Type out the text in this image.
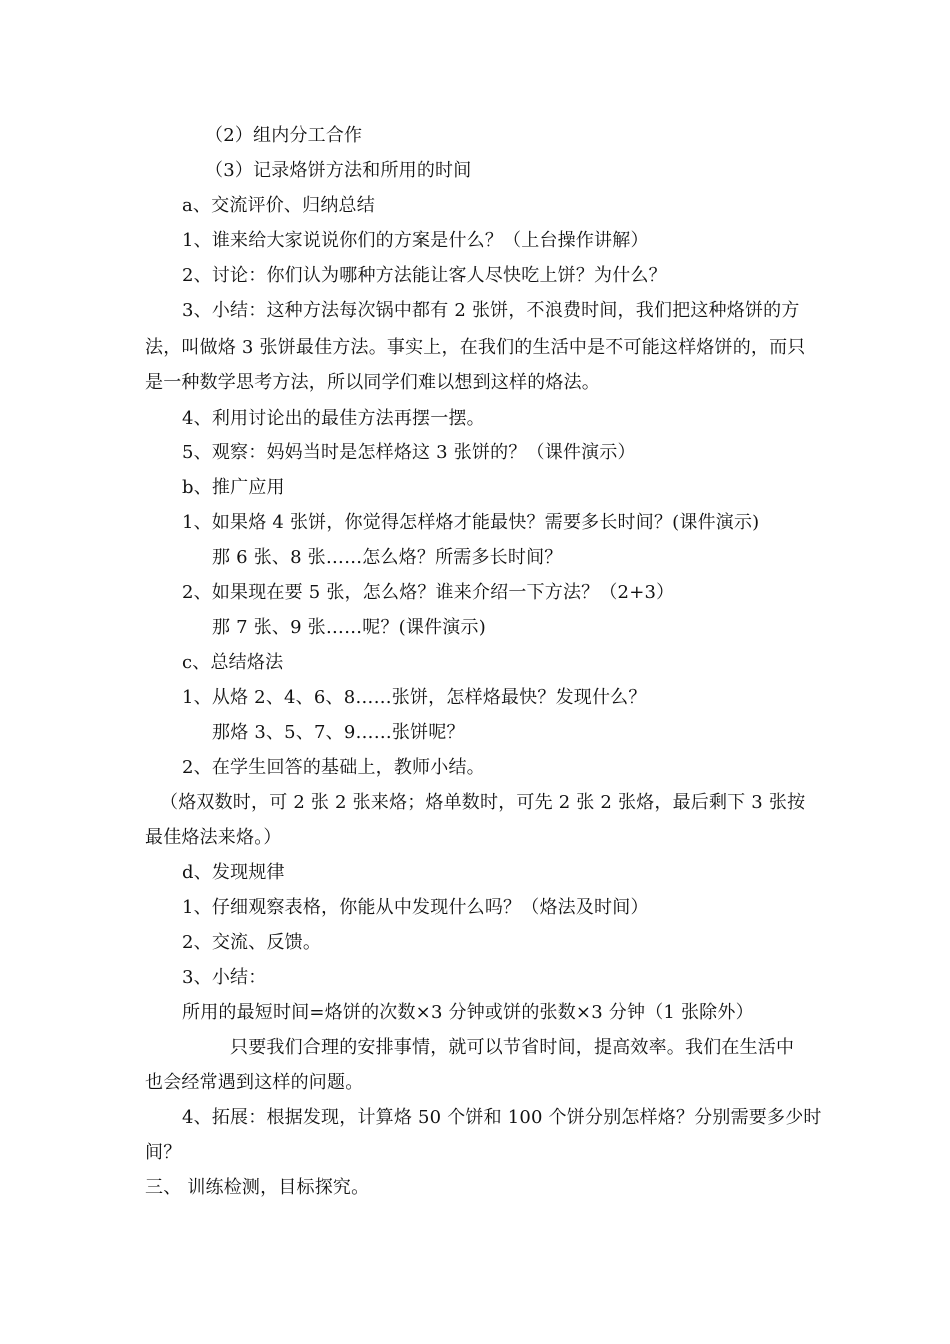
（2）组内分工合作
（3）记录烙饼方法和所用的时间
a、交流评价、归纳总结
1、谁来给大家说说你们的方案是什么？（上台操作讲解）
2、讨论：你们认为哪种方法能让客人尽快吃上饼？为什么？
3、小结：这种方法每次锅中都有 2 张饼，不浪费时间，我们把这种烙饼的方
法，叫做烙 3 张饼最佳方法。事实上，在我们的生活中是不可能这样烙饼的，而只
是一种数学思考方法，所以同学们难以想到这样的烙法。
4、利用讨论出的最佳方法再摆一摆。
5、观察：妈妈当时是怎样烙这 3 张饼的？（课件演示）
b、推广应用
1、如果烙 4 张饼，你觉得怎样烙才能最快？需要多长时间？(课件演示)
那 6 张、8 张……怎么烙？所需多长时间？
2、如果现在要 5 张，怎么烙？谁来介绍一下方法？（2+3）
那 7 张、9 张……呢？(课件演示)
c、总结烙法
1、从烙 2、4、6、8……张饼，怎样烙最快？发现什么？
那烙 3、5、7、9……张饼呢？
2、在学生回答的基础上，教师小结。
（烙双数时，可 2 张 2 张来烙；烙单数时，可先 2 张 2 张烙，最后剩下 3 张按
最佳烙法来烙。）
d、发现规律
1、仔细观察表格，你能从中发现什么吗？（烙法及时间）
2、交流、反馈。
3、小结：
所用的最短时间=烙饼的次数×3 分钟或饼的张数×3 分钟（1 张除外）
只要我们合理的安排事情，就可以节省时间，提高效率。我们在生活中
也会经常遇到这样的问题。
4、拓展：根据发现，计算烙 50 个饼和 100 个饼分别怎样烙？分别需要多少时
间？
三、 训练检测，目标探究。
